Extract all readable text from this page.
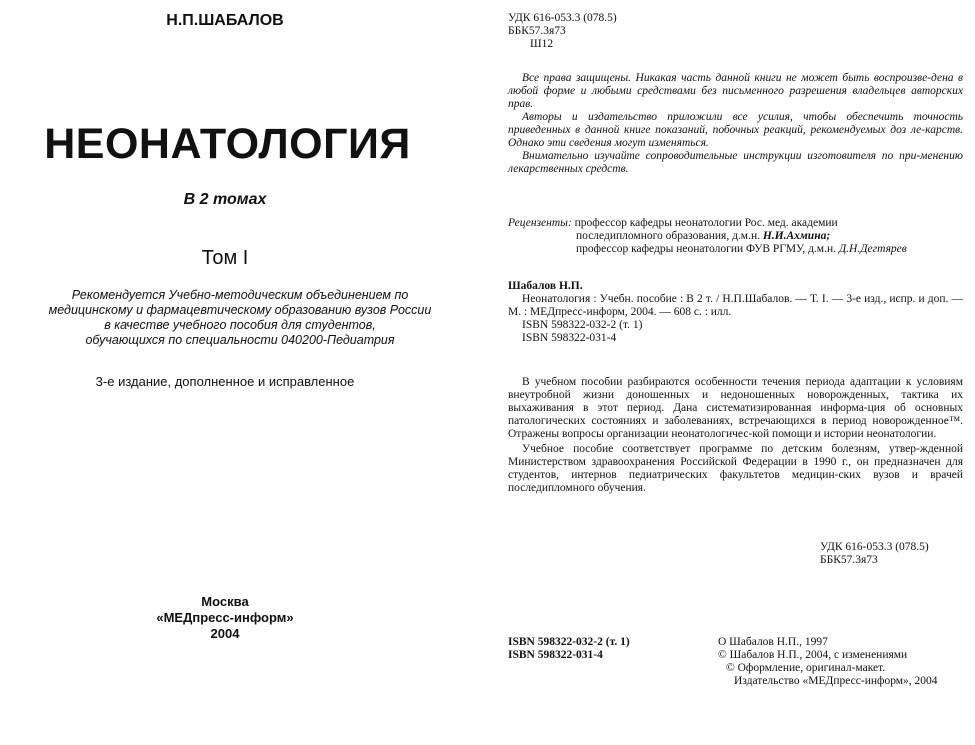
Н.П.ШАБАЛОВ
НЕОНАТОЛОГИЯ
В 2 томах
Том I
Рекомендуется Учебно-методическим объединением по
медицинскому и фармацевтическому образованию вузов России
в качестве учебного пособия для студентов,
обучающихся по специальности 040200-Педиатрия
3-е издание, дополненное и исправленное
Москва
«МЕДпресс-информ»
2004
УДК 616-053.3 (078.5)
ББК57.3я73
Ш12

Все права защищены. Никакая часть данной книги не может быть воспроизве-дена в любой форме и любыми средствами без письменного разрешения владельцев авторских прав.

Авторы и издательство приложили все усилия, чтобы обеспечить точность приведенных в данной книге показаний, побочных реакций, рекомендуемых доз ле-карств. Однако эти сведения могут изменяться.

Внимательно изучайте сопроводительные инструкции изготовителя по при-менению лекарственных средств.

Рецензенты: профессор кафедры неонатологии Рос. мед. академии
последипломного образования, д.м.н. Н.И.Ахмина;
профессор кафедры неонатологии ФУВ РГМУ, д.м.н. Д.Н.Дегтярев
Шабалов Н.П.
Неонатология : Учебн. пособие : В 2 т. / Н.П.Шабалов. — Т. I. — 3-е изд., испр. и доп. — М. : МЕДпресс-информ, 2004. — 608 с. : илл.
ISBN 598322-032-2 (т. 1)
ISBN 598322-031-4

В учебном пособии разбираются особенности течения периода адаптации к условиям внеутробной жизни доношенных и недоношенных новорожденных, тактика их выхаживания в этот период. Дана систематизированная информа-ция об основных патологических состояниях и заболеваниях, встречающихся в период новорожденное™. Отражены вопросы организации неонатологичес-кой помощи и истории неонатологии.

Учебное пособие соответствует программе по детским болезням, утвер-жденной Министерством здравоохранения Российской Федерации в 1990 г., он предназначен для студентов, интернов педиатрических факультетов медицин-ских вузов и врачей последипломного обучения.

УДК 616-053.3 (078.5)
ББК57.3я73
ISBN 598322-032-2 (т. 1)
ISBN 598322-031-4
О Шабалов Н.П., 1997
© Шабалов Н.П., 2004, с изменениями
© Оформление, оригинал-макет.
Издательство «МЕДпресс-информ», 2004
